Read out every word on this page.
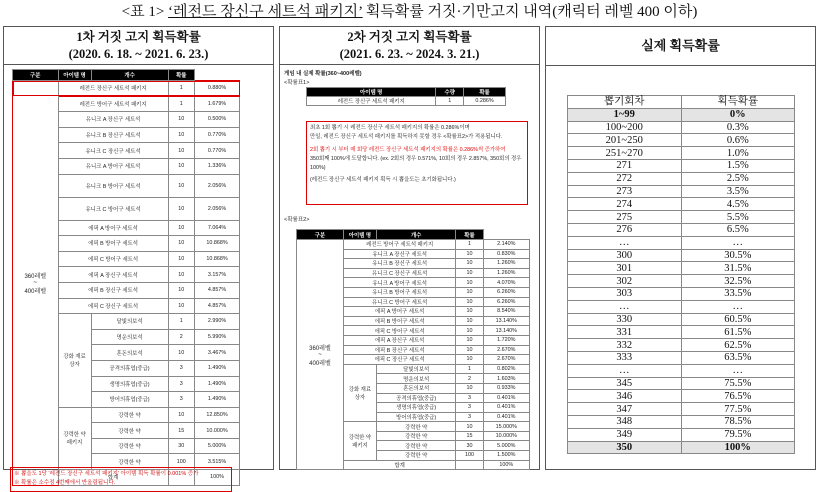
<표 1> ‘레전드 장신구 세트석 패키지’ 획득확률 거짓·기만고지 내역(캐릭터 레벨 400 이하)
1차 거짓 고지 획득확률
(2020. 6. 18. ~ 2021. 6. 23.)
구분	아이템 명	개수	확률	
360레벨
~
400레벨	레전드 장신구 세트석 패키지		1	0.880%
	레전드 방어구 세트석 패키지		1	1.679%
	유니크 A 장신구 세트석		10	0.500%
	유니크 B 장신구 세트석		10	0.770%
	유니크 C 장신구 세트석		10	0.770%
	유니크 A 방어구 세트석		10	1.336%
	유니크 B 방어구 세트석		10	2.056%
	유니크 C 방어구 세트석		10	2.056%
	에픽 A 방어구 세트석		10	7.064%
	에픽 B 방어구 세트석		10	10.868%
	에픽 C 방어구 세트석		10	10.868%
	에픽 A 장신구 세트석		10	3.157%
	에픽 B 장신구 세트석		10	4.857%
	에픽 C 장신구 세트석		10	4.857%
	강화 재료 상자	달빛의보석	1	2.990%
		명운의보석	2	5.990%
		혼돈의보석	10	3.467%
		공격의휴엽(중급)	3	1.490%
		생명의휴엽(중급)	3	1.490%
		방어의휴엽(중급)	3	1.490%
	강력한 약 패키지	강력한 약	10	12.850%
		강력한 약	15	10.000%
		강력한 약	30	5.000%
		강력한 약	100	3.515%
	합계			100%
※ 뽑을도 1당 ‘레전드 장신구 세트석 패키지’ 아이템 획득 확률이 0.001% 증가
※ 확률은 소수점 4번째에서 반올림됩니다.
2차 거짓 고지 획득확률
(2021. 6. 23. ~ 2024. 3. 21.)
게임 내 실제 확률(360~400레벨)
<확률표1>
아이템 명	수량	확률
레전드 장신구 세트석 패키지	1	0.286%
최초 1회 뽑기 시 레전드 장신구 세트석 패키지의 확률은 0.286%이며
만일, 레전드 장신구 세트석 패키지를 획득하지 못할 경우 <확률표2>가 적용됩니다.
2회 뽑기 시 부터 매 회당 레전드 장신구 세트석 패키지의 확률은 0.286%씩 증가하여
350회째 100%에 도달합니다. (ex. 2회의 경우 0.571%, 10회의 경우 2.857%, 350회의 경우 100%)
(레전드 장신구 세트석 패키지 획득 시 뽑을도는 초기화됩니다.)
<확률표2>
구분	아이템 명	개수	확률	
360레벨
~
400레벨	레전드 방어구 세트석 패키지		1	2.140%
	유니크 A 장신구 세트석		10	0.830%
	유니크 B 장신구 세트석		10	1.260%
	유니크 C 장신구 세트석		10	1.260%
	유니크 A 방어구 세트석		10	4.070%
	유니크 B 방어구 세트석		10	6.260%
	유니크 C 방어구 세트석		10	6.260%
	에픽 A 방어구 세트석		10	8.540%
	에픽 B 방어구 세트석		10	13.140%
	에픽 C 방어구 세트석		10	13.140%
	에픽 A 장신구 세트석		10	1.720%
	에픽 B 장신구 세트석		10	2.670%
	에픽 C 장신구 세트석		10	2.670%
	강화 재료 상자	달빛의보석	1	0.802%
		명운의보석	2	1.603%
		혼돈의보석	10	0.933%
		공격의휴엽(중급)	3	0.401%
		생명의휴엽(중급)	3	0.401%
		방어의휴엽(중급)	3	0.401%
	강력한 약 패키지	강력한 약	10	15.000%
		강력한 약	15	10.000%
		강력한 약	30	5.000%
		강력한 약	100	1.500%
	합계			100%
실제 획득확률
뽑기회차	획득확률
1~99	0%
100~200	0.3%
201~250	0.6%
251~270	1.0%
271	1.5%
272	2.5%
273	3.5%
274	4.5%
275	5.5%
276	6.5%
…	…
300	30.5%
301	31.5%
302	32.5%
303	33.5%
…	…
330	60.5%
331	61.5%
332	62.5%
333	63.5%
…	…
345	75.5%
346	76.5%
347	77.5%
348	78.5%
349	79.5%
350	100%
